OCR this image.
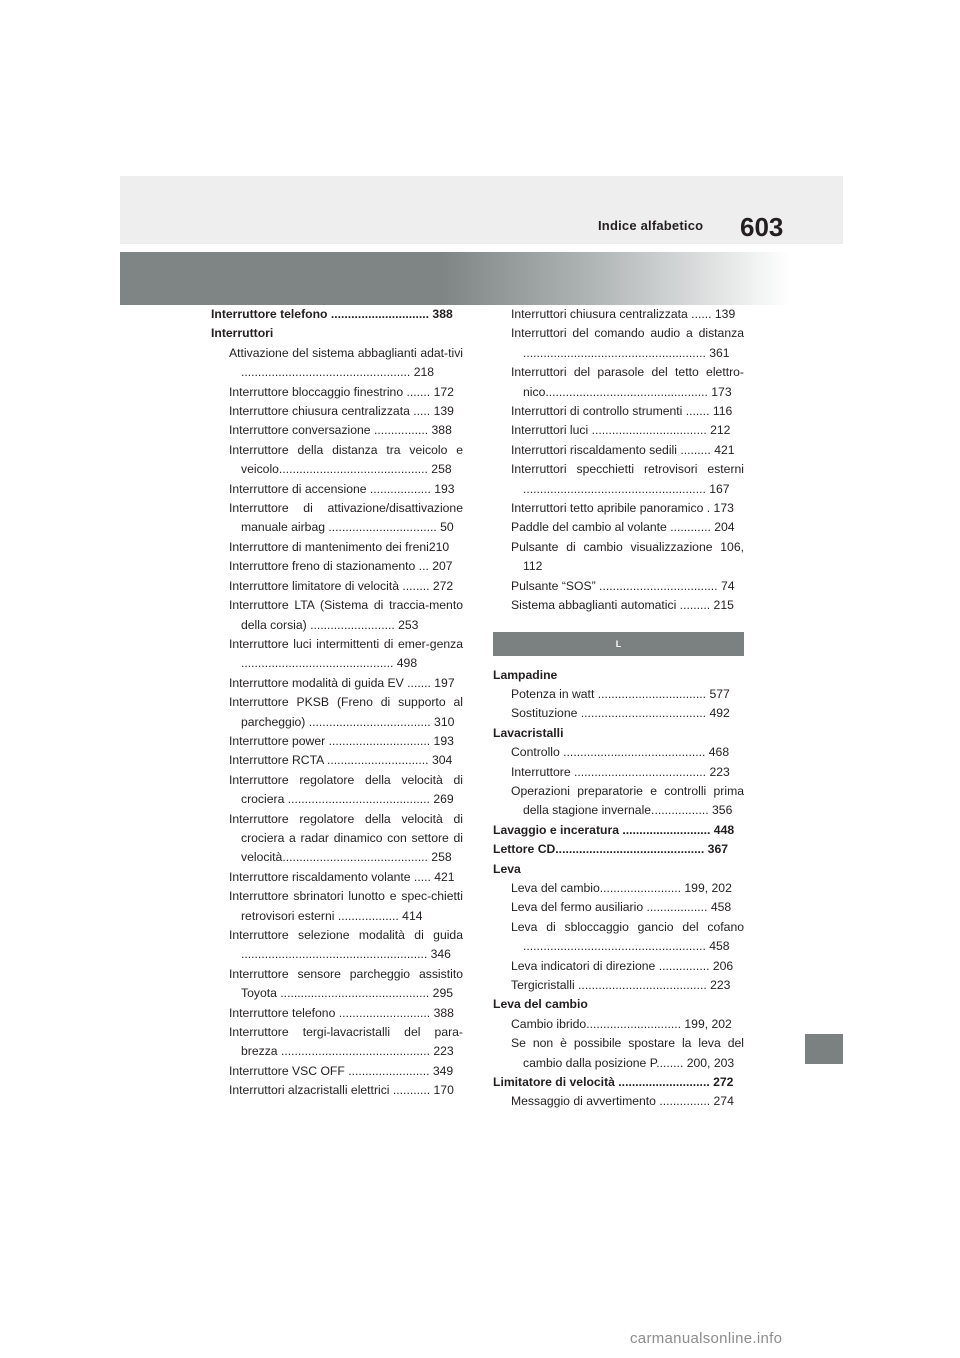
Indice alfabetico 603
Interruttore telefono ............................. 388
Interruttori
Attivazione del sistema abbaglianti adat-tivi .................................................. 218
Interruttore bloccaggio finestrino ....... 172
Interruttore chiusura centralizzata ..... 139
Interruttore conversazione ................ 388
Interruttore della distanza tra veicolo e veicolo............................................ 258
Interruttore di accensione .................. 193
Interruttore di attivazione/disattivazione manuale airbag ................................ 50
Interruttore di mantenimento dei freni210
Interruttore freno di stazionamento ... 207
Interruttore limitatore di velocità ........ 272
Interruttore LTA (Sistema di traccia-mento della corsia) ......................... 253
Interruttore luci intermittenti di emer-genza ............................................. 498
Interruttore modalità di guida EV ....... 197
Interruttore PKSB (Freno di supporto al parcheggio) .................................... 310
Interruttore power .............................. 193
Interruttore RCTA .............................. 304
Interruttore regolatore della velocità di crociera .......................................... 269
Interruttore regolatore della velocità di crociera a radar dinamico con settore di velocità........................................... 258
Interruttore riscaldamento volante ..... 421
Interruttore sbrinatori lunotto e spec-chietti retrovisori esterni .................. 414
Interruttore selezione modalità di guida ....................................................... 346
Interruttore sensore parcheggio assistito Toyota ............................................ 295
Interruttore telefono ........................... 388
Interruttore tergi-lavacristalli del para-brezza ............................................ 223
Interruttore VSC OFF ........................ 349
Interruttori alzacristalli elettrici ........... 170
Interruttori chiusura centralizzata ...... 139
Interruttori del comando audio a distanza ...................................................... 361
Interruttori del parasole del tetto elettro-nico................................................ 173
Interruttori di controllo strumenti ....... 116
Interruttori luci .................................. 212
Interruttori riscaldamento sedili ......... 421
Interruttori specchietti retrovisori esterni ...................................................... 167
Interruttori tetto apribile panoramico . 173
Paddle del cambio al volante ............ 204
Pulsante di cambio visualizzazione 106, 112
Pulsante “SOS” ................................... 74
Sistema abbaglianti automatici ......... 215
L
Lampadine
Potenza in watt ................................ 577
Sostituzione ..................................... 492
Lavacristalli
Controllo .......................................... 468
Interruttore ....................................... 223
Operazioni preparatorie e controlli prima della stagione invernale................. 356
Lavaggio e inceratura .......................... 448
Lettore CD............................................ 367
Leva
Leva del cambio........................ 199, 202
Leva del fermo ausiliario .................. 458
Leva di sbloccaggio gancio del cofano ...................................................... 458
Leva indicatori di direzione ............... 206
Tergicristalli ...................................... 223
Leva del cambio
Cambio ibrido............................ 199, 202
Se non è possibile spostare la leva del cambio dalla posizione P........ 200, 203
Limitatore di velocità ........................... 272
Messaggio di avvertimento ............... 274
carmanualsonline.info
